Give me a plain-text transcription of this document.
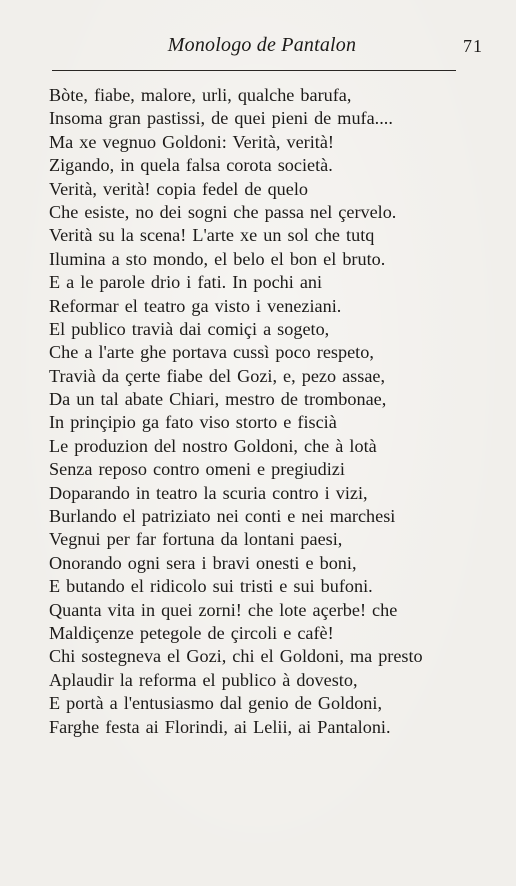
Monologo de Pantalon	71
Bòte, fiabe, malore, urli, qualche barufa,
Insoma gran pastissi, de quei pieni de mufa....
Ma xe vegnuo Goldoni: Verità, verità!
Zigando, in quela falsa corota società.
Verità, verità! copia fedel de quelo
Che esiste, no dei sogni che passa nel çervelo.
Verità su la scena! L'arte xe un sol che tutq
Ilumina a sto mondo, el belo el bon el bruto.
E a le parole drio i fati. In pochi ani
Reformar el teatro ga visto i veneziani.
El publico travià dai comiçi a sogeto,
Che a l'arte ghe portava cussì poco respeto,
Travià da çerte fiabe del Gozi, e, pezo assae,
Da un tal abate Chiari, mestro de trombonae,
In prinçipio ga fato viso storto e fiscià
Le produzion del nostro Goldoni, che à lotà
Senza reposo contro omeni e pregiudizi
Doparando in teatro la scuria contro i vizi,
Burlando el patriziato nei conti e nei marchesi
Vegnui per far fortuna da lontani paesi,
Onorando ogni sera i bravi onesti e boni,
E butando el ridicolo sui tristi e sui bufoni.
Quanta vita in quei zorni! che lote açerbe! che
Maldiçenze petegole de çircoli e cafè!
Chi sostegneva el Gozi, chi el Goldoni, ma presto
Aplaudir la reforma el publico à dovesto,
E portà a l'entusiasmo dal genio de Goldoni,
Farghe festa ai Florindi, ai Lelii, ai Pantaloni.
